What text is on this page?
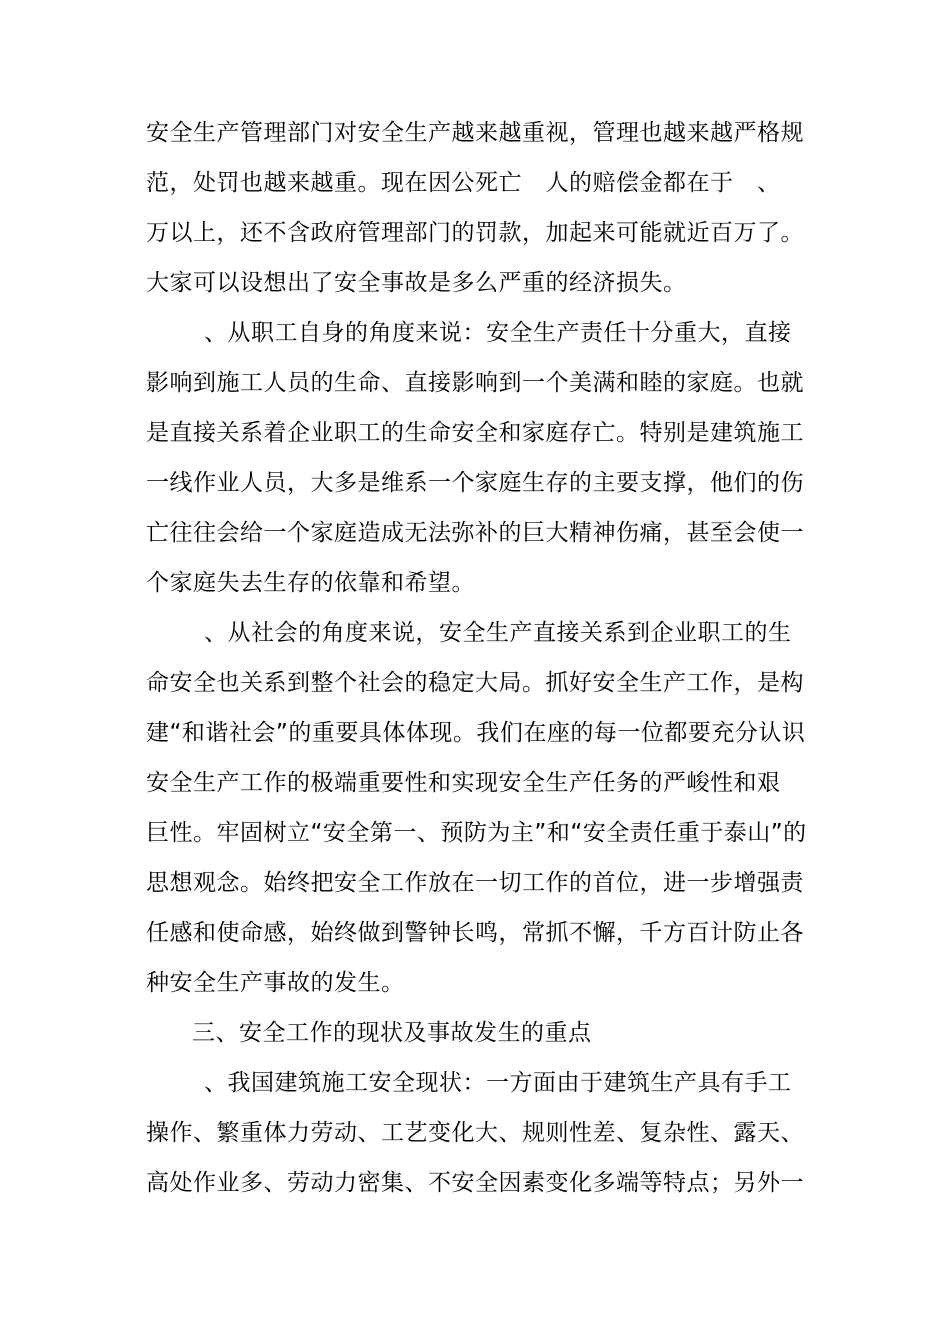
安全生产管理部门对安全生产越来越重视，管理也越来越严格规
范，处罚也越来越重。现在因公死亡　人的赔偿金都在于　、
万以上，还不含政府管理部门的罚款，加起来可能就近百万了。
大家可以设想出了安全事故是多么严重的经济损失。
、从职工自身的角度来说：安全生产责任十分重大，直接
影响到施工人员的生命、直接影响到一个美满和睦的家庭。也就
是直接关系着企业职工的生命安全和家庭存亡。特别是建筑施工
一线作业人员，大多是维系一个家庭生存的主要支撑，他们的伤
亡往往会给一个家庭造成无法弥补的巨大精神伤痛，甚至会使一
个家庭失去生存的依靠和希望。
、从社会的角度来说，安全生产直接关系到企业职工的生
命安全也关系到整个社会的稳定大局。抓好安全生产工作，是构
建“和谐社会”的重要具体体现。我们在座的每一位都要充分认识
安全生产工作的极端重要性和实现安全生产任务的严峻性和艰
巨性。牢固树立“安全第一、预防为主”和“安全责任重于泰山”的
思想观念。始终把安全工作放在一切工作的首位，进一步增强责
任感和使命感，始终做到警钟长鸣，常抓不懈，千方百计防止各
种安全生产事故的发生。
三、安全工作的现状及事故发生的重点
、我国建筑施工安全现状：一方面由于建筑生产具有手工
操作、繁重体力劳动、工艺变化大、规则性差、复杂性、露天、
高处作业多、劳动力密集、不安全因素变化多端等特点；另外一
